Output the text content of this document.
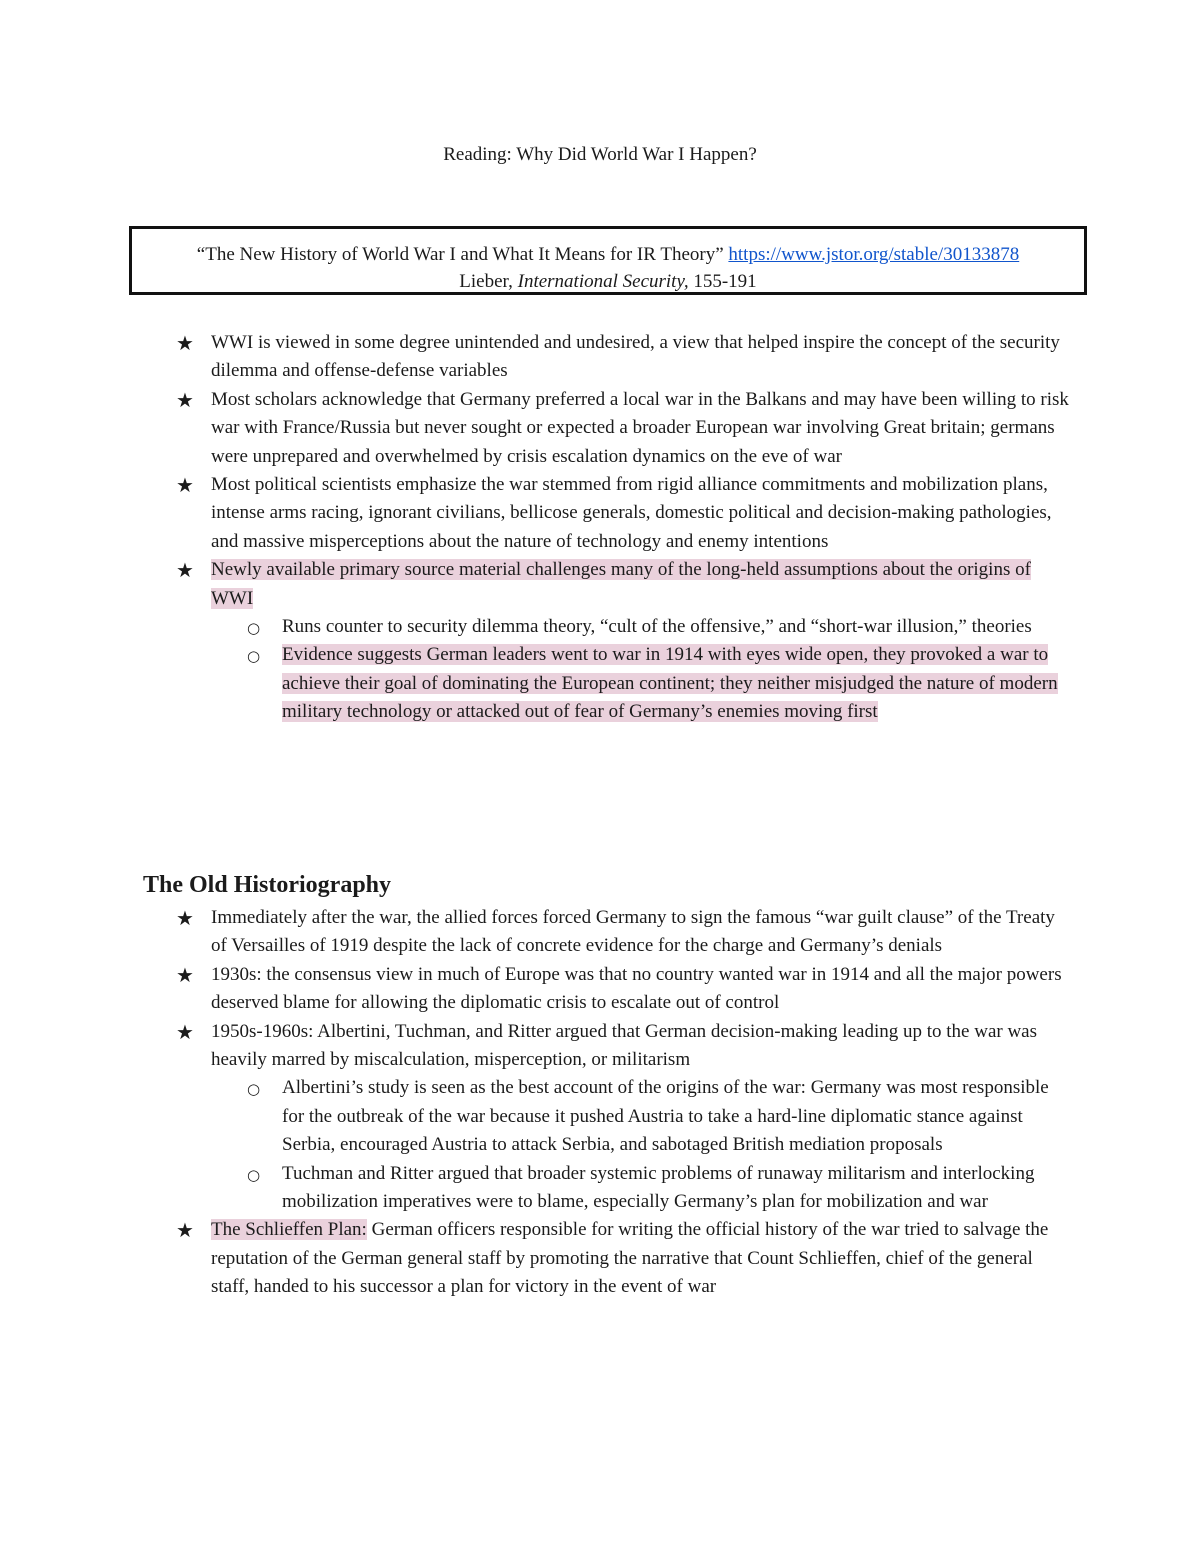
Reading: Why Did World War I Happen?
“The New History of World War I and What It Means for IR Theory” https://www.jstor.org/stable/30133878
Lieber, International Security, 155-191
★ WWI is viewed in some degree unintended and undesired, a view that helped inspire the concept of the security dilemma and offense-defense variables
★ Most scholars acknowledge that Germany preferred a local war in the Balkans and may have been willing to risk war with France/Russia but never sought or expected a broader European war involving Great britain; germans were unprepared and overwhelmed by crisis escalation dynamics on the eve of war
★ Most political scientists emphasize the war stemmed from rigid alliance commitments and mobilization plans, intense arms racing, ignorant civilians, bellicose generals, domestic political and decision-making pathologies, and massive misperceptions about the nature of technology and enemy intentions
★ Newly available primary source material challenges many of the long-held assumptions about the origins of WWI
○ Runs counter to security dilemma theory, “cult of the offensive,” and “short-war illusion,” theories
○ Evidence suggests German leaders went to war in 1914 with eyes wide open, they provoked a war to achieve their goal of dominating the European continent; they neither misjudged the nature of modern military technology or attacked out of fear of Germany’s enemies moving first
The Old Historiography
★ Immediately after the war, the allied forces forced Germany to sign the famous “war guilt clause” of the Treaty of Versailles of 1919 despite the lack of concrete evidence for the charge and Germany’s denials
★ 1930s: the consensus view in much of Europe was that no country wanted war in 1914 and all the major powers deserved blame for allowing the diplomatic crisis to escalate out of control
★ 1950s-1960s: Albertini, Tuchman, and Ritter argued that German decision-making leading up to the war was heavily marred by miscalculation, misperception, or militarism
○ Albertini’s study is seen as the best account of the origins of the war: Germany was most responsible for the outbreak of the war because it pushed Austria to take a hard-line diplomatic stance against Serbia, encouraged Austria to attack Serbia, and sabotaged British mediation proposals
○ Tuchman and Ritter argued that broader systemic problems of runaway militarism and interlocking mobilization imperatives were to blame, especially Germany’s plan for mobilization and war
★ The Schlieffen Plan: German officers responsible for writing the official history of the war tried to salvage the reputation of the German general staff by promoting the narrative that Count Schlieffen, chief of the general staff, handed to his successor a plan for victory in the event of war
